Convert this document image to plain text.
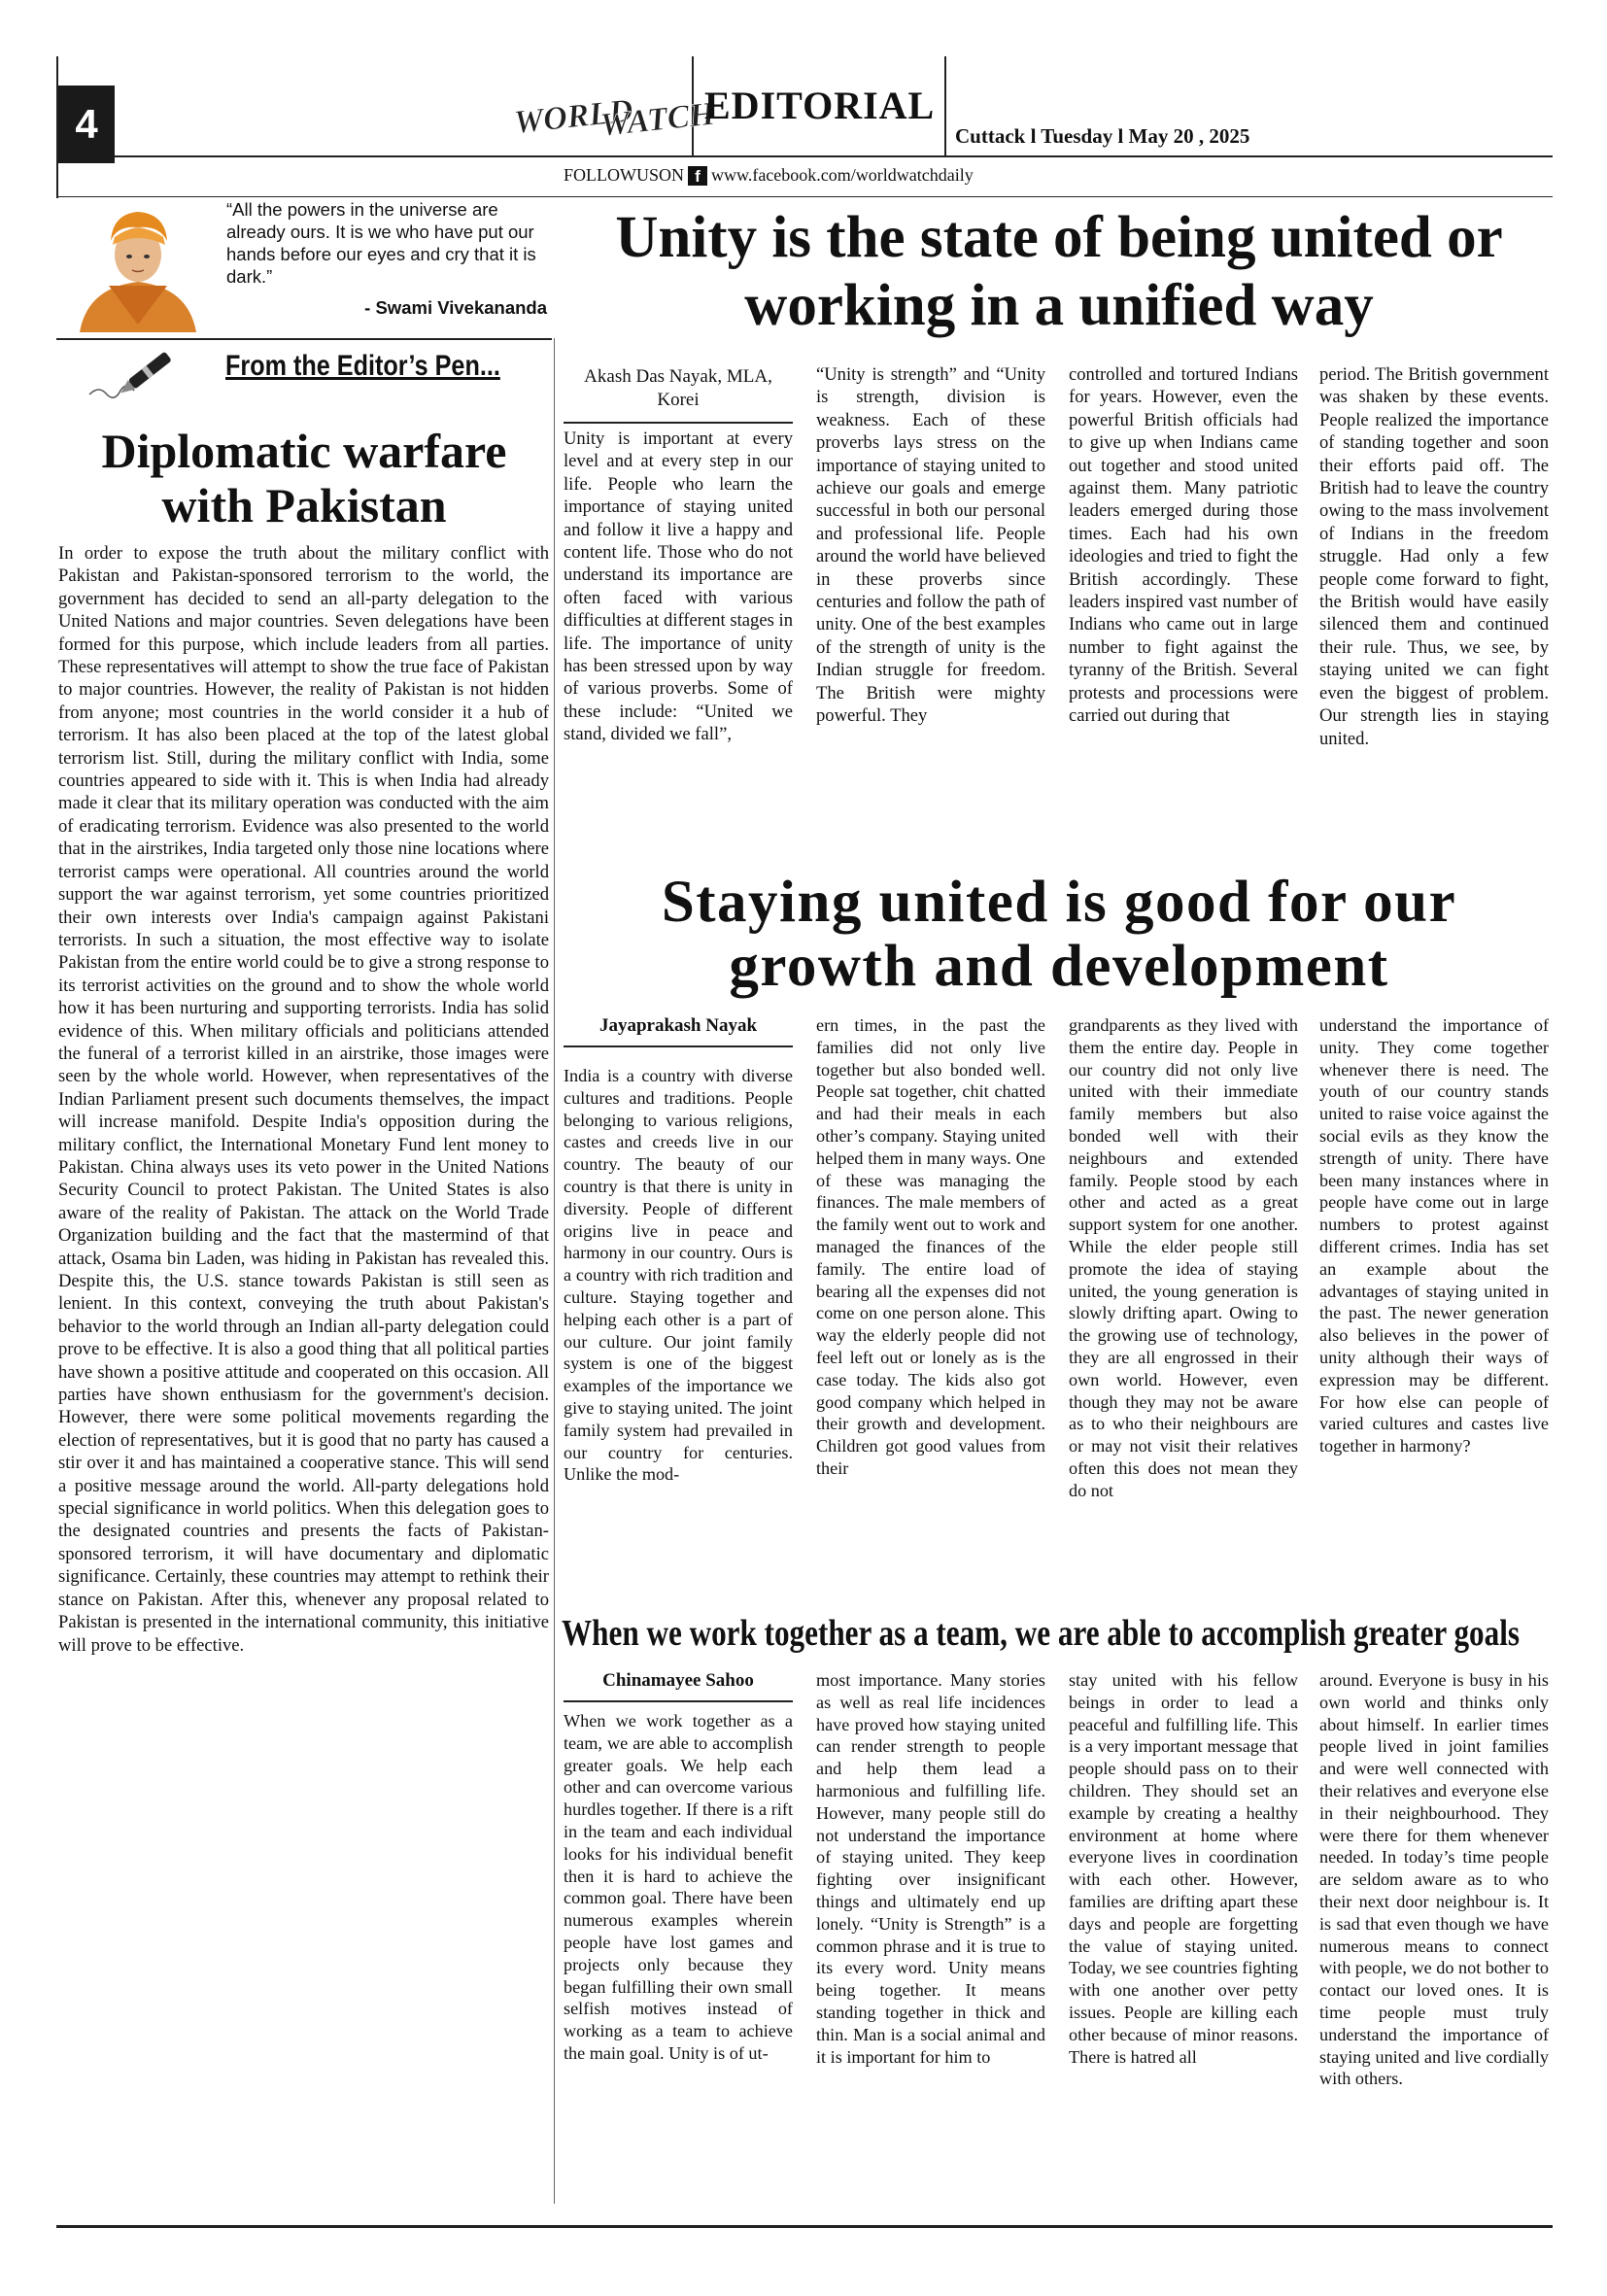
4	WORLD
WATCH
EDITORIAL
Cuttack l Tuesday l May 20 , 2025
FOLLOWUSON f www.facebook.com/worldwatchdaily
“All the powers in the universe are already ours. It is we who have put our hands before our eyes and cry that it is dark.”
- Swami Vivekananda
From the Editor’s Pen...
Diplomatic warfare with Pakistan
In order to expose the truth about the military conflict with Pakistan and Pakistan-sponsored terrorism to the world, the government has decided to send an all-party delegation to the United Nations and major countries. Seven delegations have been formed for this purpose, which include leaders from all parties. These representatives will attempt to show the true face of Pakistan to major countries. However, the reality of Pakistan is not hidden from anyone; most countries in the world consider it a hub of terrorism. It has also been placed at the top of the latest global terrorism list. Still, during the military conflict with India, some countries appeared to side with it. This is when India had already made it clear that its military operation was conducted with the aim of eradicating terrorism. Evidence was also presented to the world that in the airstrikes, India targeted only those nine locations where terrorist camps were operational. All countries around the world support the war against terrorism, yet some countries prioritized their own interests over India's campaign against Pakistani terrorists. In such a situation, the most effective way to isolate Pakistan from the entire world could be to give a strong response to its terrorist activities on the ground and to show the whole world how it has been nurturing and supporting terrorists. India has solid evidence of this. When military officials and politicians attended the funeral of a terrorist killed in an airstrike, those images were seen by the whole world. However, when representatives of the Indian Parliament present such documents themselves, the impact will increase manifold. Despite India's opposition during the military conflict, the International Monetary Fund lent money to Pakistan. China always uses its veto power in the United Nations Security Council to protect Pakistan. The United States is also aware of the reality of Pakistan. The attack on the World Trade Organization building and the fact that the mastermind of that attack, Osama bin Laden, was hiding in Pakistan has revealed this. Despite this, the U.S. stance towards Pakistan is still seen as lenient. In this context, conveying the truth about Pakistan's behavior to the world through an Indian all-party delegation could prove to be effective. It is also a good thing that all political parties have shown a positive attitude and cooperated on this occasion. All parties have shown enthusiasm for the government's decision. However, there were some political movements regarding the election of representatives, but it is good that no party has caused a stir over it and has maintained a cooperative stance. This will send a positive message around the world. All-party delegations hold special significance in world politics. When this delegation goes to the designated countries and presents the facts of Pakistan-sponsored terrorism, it will have documentary and diplomatic significance. Certainly, these countries may attempt to rethink their stance on Pakistan. After this, whenever any proposal related to Pakistan is presented in the international community, this initiative will prove to be effective.
Unity is the state of being united or working in a unified way
Akash Das Nayak, MLA, Korei
Unity is important at every level and at every step in our life. People who learn the importance of staying united and follow it live a happy and content life. Those who do not understand its importance are often faced with various difficulties at different stages in life. The importance of unity has been stressed upon by way of various proverbs. Some of these include: “United we stand, divided we fall”,
“Unity is strength” and “Unity is strength, division is weakness. Each of these proverbs lays stress on the importance of staying united to achieve our goals and emerge successful in both our personal and professional life. People around the world have believed in these proverbs since centuries and follow the path of unity. One of the best examples of the strength of unity is the Indian struggle for freedom. The British were mighty powerful. They
controlled and tortured Indians for years. However, even the powerful British officials had to give up when Indians came out together and stood united against them. Many patriotic leaders emerged during those times. Each had his own ideologies and tried to fight the British accordingly. These leaders inspired vast number of Indians who came out in large number to fight against the tyranny of the British. Several protests and processions were carried out during that
period. The British government was shaken by these events. People realized the importance of standing together and soon their efforts paid off. The British had to leave the country owing to the mass involvement of Indians in the freedom struggle. Had only a few people come forward to fight, the British would have easily silenced them and continued their rule. Thus, we see, by staying united we can fight even the biggest of problem. Our strength lies in staying united.
Staying united is good for our growth and development
Jayaprakash Nayak
India is a country with diverse cultures and traditions. People belonging to various religions, castes and creeds live in our country. The beauty of our country is that there is unity in diversity. People of different origins live in peace and harmony in our country. Ours is a country with rich tradition and culture. Staying together and helping each other is a part of our culture. Our joint family system is one of the biggest examples of the importance we give to staying united. The joint family system had prevailed in our country for centuries. Unlike the mod-
ern times, in the past the families did not only live together but also bonded well. People sat together, chit chatted and had their meals in each other’s company. Staying united helped them in many ways. One of these was managing the finances. The male members of the family went out to work and managed the finances of the family. The entire load of bearing all the expenses did not come on one person alone. This way the elderly people did not feel left out or lonely as is the case today. The kids also got good company which helped in their growth and development. Children got good values from their
grandparents as they lived with them the entire day. People in our country did not only live united with their immediate family members but also bonded well with their neighbours and extended family. People stood by each other and acted as a great support system for one another. While the elder people still promote the idea of staying united, the young generation is slowly drifting apart. Owing to the growing use of technology, they are all engrossed in their own world. However, even though they may not be aware as to who their neighbours are or may not visit their relatives often this does not mean they do not
understand the importance of unity. They come together whenever there is need. The youth of our country stands united to raise voice against the social evils as they know the strength of unity. There have been many instances where in people have come out in large numbers to protest against different crimes. India has set an example about the advantages of staying united in the past. The newer generation also believes in the power of unity although their ways of expression may be different. For how else can people of varied cultures and castes live together in harmony?
When we work together as a team, we are able to accomplish greater goals
Chinamayee Sahoo
When we work together as a team, we are able to accomplish greater goals. We help each other and can overcome various hurdles together. If there is a rift in the team and each individual looks for his individual benefit then it is hard to achieve the common goal. There have been numerous examples wherein people have lost games and projects only because they began fulfilling their own small selfish motives instead of working as a team to achieve the main goal. Unity is of ut-
most importance. Many stories as well as real life incidences have proved how staying united can render strength to people and help them lead a harmonious and fulfilling life. However, many people still do not understand the importance of staying united. They keep fighting over insignificant things and ultimately end up lonely. “Unity is Strength” is a common phrase and it is true to its every word. Unity means being together. It means standing together in thick and thin. Man is a social animal and it is important for him to
stay united with his fellow beings in order to lead a peaceful and fulfilling life. This is a very important message that people should pass on to their children. They should set an example by creating a healthy environment at home where everyone lives in coordination with each other. However, families are drifting apart these days and people are forgetting the value of staying united. Today, we see countries fighting with one another over petty issues. People are killing each other because of minor reasons. There is hatred all
around. Everyone is busy in his own world and thinks only about himself. In earlier times people lived in joint families and were well connected with their relatives and everyone else in their neighbourhood. They were there for them whenever needed. In today’s time people are seldom aware as to who their next door neighbour is. It is sad that even though we have numerous means to connect with people, we do not bother to contact our loved ones. It is time people must truly understand the importance of staying united and live cordially with others.
